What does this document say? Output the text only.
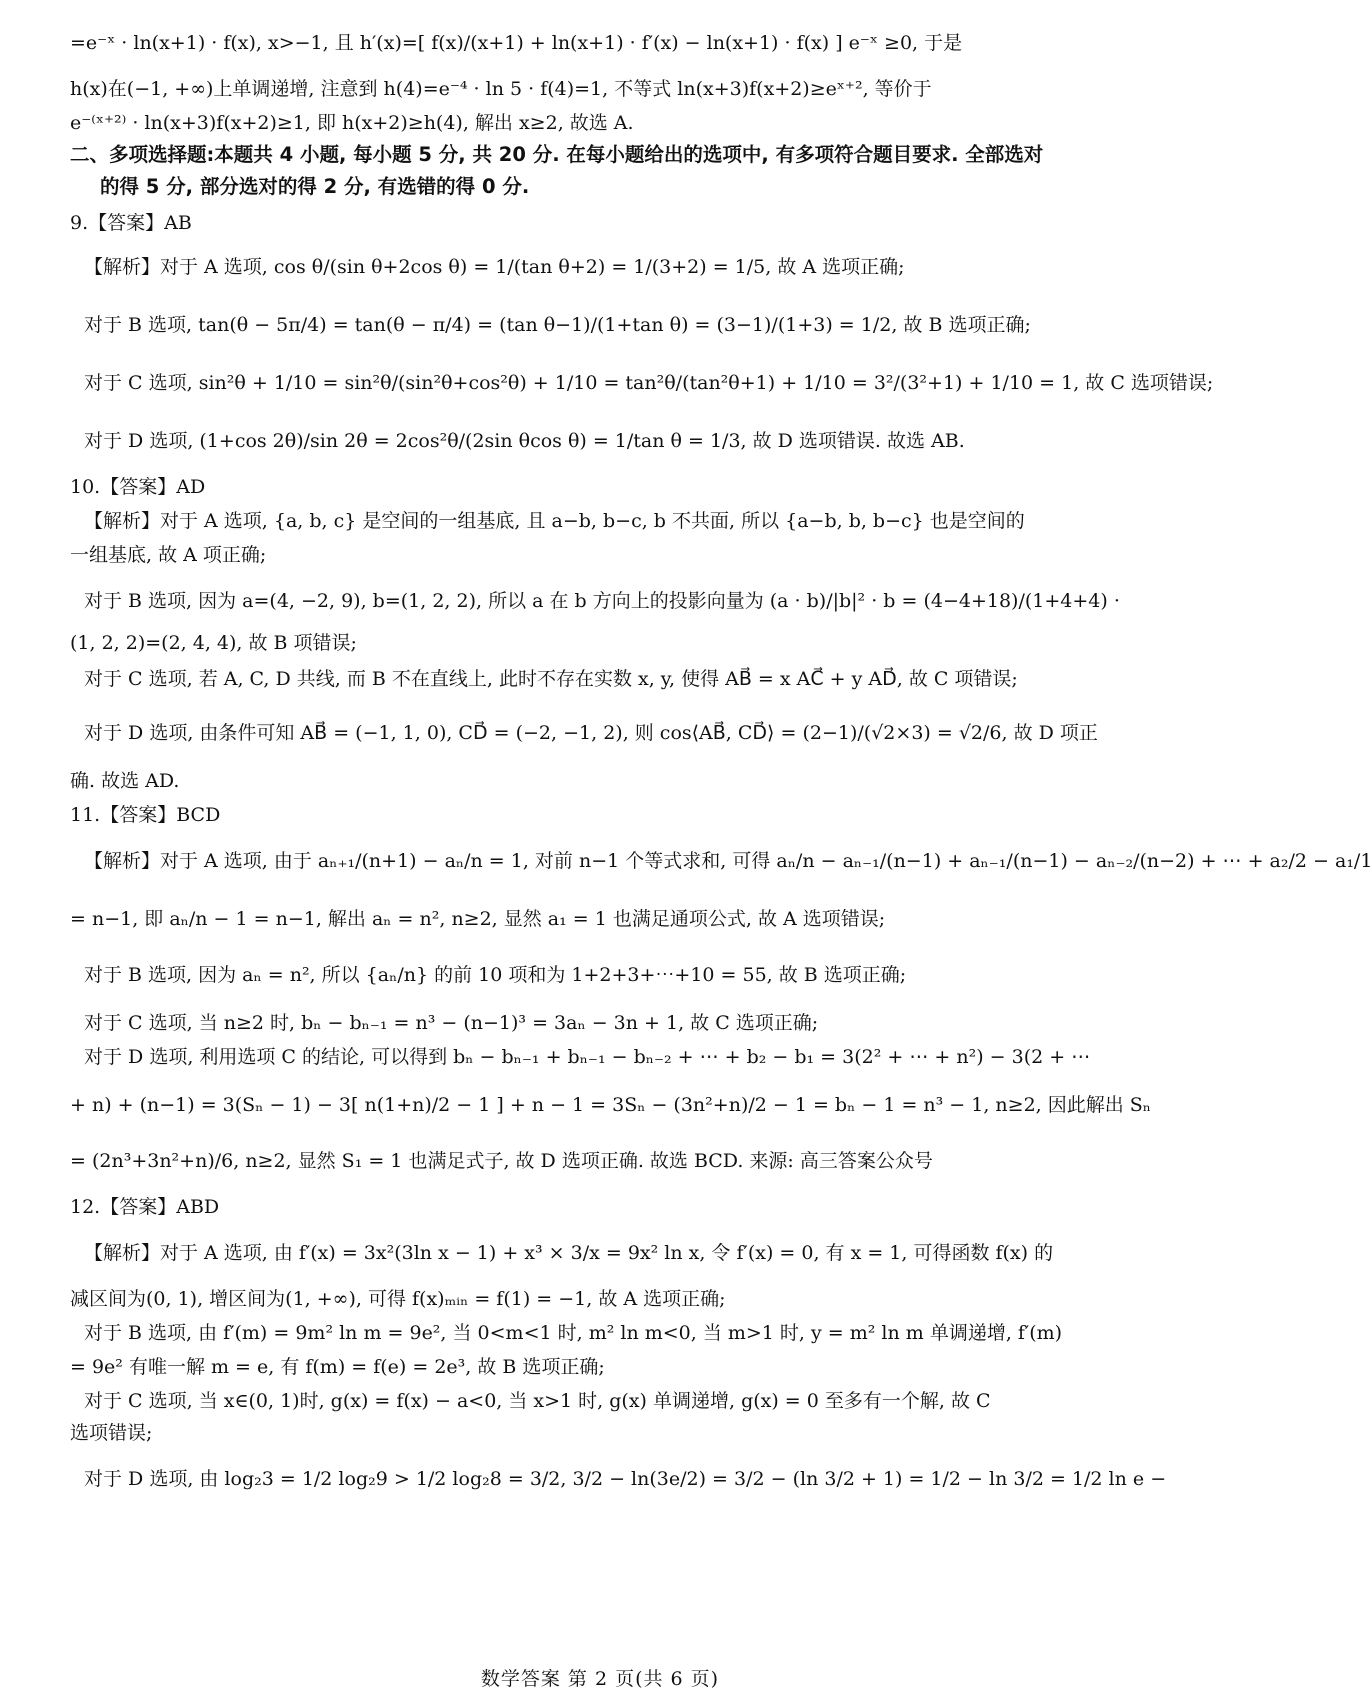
=e⁻ˣ · ln(x+1) · f(x), x>−1, 且 h′(x)=[ f(x)/(x+1) + ln(x+1) · f′(x) − ln(x+1) · f(x) ] e⁻ˣ ≥0, 于是
h(x)在(−1, +∞)上单调递增, 注意到 h(4)=e⁻⁴ · ln 5 · f(4)=1, 不等式 ln(x+3)f(x+2)≥eˣ⁺², 等价于
e⁻⁽ˣ⁺²⁾ · ln(x+3)f(x+2)≥1, 即 h(x+2)≥h(4), 解出 x≥2, 故选 A.
二、多项选择题:本题共 4 小题, 每小题 5 分, 共 20 分. 在每小题给出的选项中, 有多项符合题目要求. 全部选对
的得 5 分, 部分选对的得 2 分, 有选错的得 0 分.
9.【答案】AB
【解析】对于 A 选项, cos θ/(sin θ+2cos θ) = 1/(tan θ+2) = 1/(3+2) = 1/5, 故 A 选项正确;
对于 B 选项, tan(θ − 5π/4) = tan(θ − π/4) = (tan θ−1)/(1+tan θ) = (3−1)/(1+3) = 1/2, 故 B 选项正确;
对于 C 选项, sin²θ + 1/10 = sin²θ/(sin²θ+cos²θ) + 1/10 = tan²θ/(tan²θ+1) + 1/10 = 3²/(3²+1) + 1/10 = 1, 故 C 选项错误;
对于 D 选项, (1+cos 2θ)/sin 2θ = 2cos²θ/(2sin θcos θ) = 1/tan θ = 1/3, 故 D 选项错误. 故选 AB.
10.【答案】AD
【解析】对于 A 选项, {a, b, c} 是空间的一组基底, 且 a−b, b−c, b 不共面, 所以 {a−b, b, b−c} 也是空间的
一组基底, 故 A 项正确;
对于 B 选项, 因为 a=(4, −2, 9), b=(1, 2, 2), 所以 a 在 b 方向上的投影向量为 (a · b)/|b|² · b = (4−4+18)/(1+4+4) ·
(1, 2, 2)=(2, 4, 4), 故 B 项错误;
对于 C 选项, 若 A, C, D 共线, 而 B 不在直线上, 此时不存在实数 x, y, 使得 AB⃗ = x AC⃗ + y AD⃗, 故 C 项错误;
对于 D 选项, 由条件可知 AB⃗ = (−1, 1, 0), CD⃗ = (−2, −1, 2), 则 cos⟨AB⃗, CD⃗⟩ = (2−1)/(√2×3) = √2/6, 故 D 项正
确. 故选 AD.
11.【答案】BCD
【解析】对于 A 选项, 由于 aₙ₊₁/(n+1) − aₙ/n = 1, 对前 n−1 个等式求和, 可得 aₙ/n − aₙ₋₁/(n−1) + aₙ₋₁/(n−1) − aₙ₋₂/(n−2) + ⋯ + a₂/2 − a₁/1
= n−1, 即 aₙ/n − 1 = n−1, 解出 aₙ = n², n≥2, 显然 a₁ = 1 也满足通项公式, 故 A 选项错误;
对于 B 选项, 因为 aₙ = n², 所以 {aₙ/n} 的前 10 项和为 1+2+3+⋯+10 = 55, 故 B 选项正确;
对于 C 选项, 当 n≥2 时, bₙ − bₙ₋₁ = n³ − (n−1)³ = 3aₙ − 3n + 1, 故 C 选项正确;
对于 D 选项, 利用选项 C 的结论, 可以得到 bₙ − bₙ₋₁ + bₙ₋₁ − bₙ₋₂ + ⋯ + b₂ − b₁ = 3(2² + ⋯ + n²) − 3(2 + ⋯
+ n) + (n−1) = 3(Sₙ − 1) − 3[ n(1+n)/2 − 1 ] + n − 1 = 3Sₙ − (3n²+n)/2 − 1 = bₙ − 1 = n³ − 1, n≥2, 因此解出 Sₙ
= (2n³+3n²+n)/6, n≥2, 显然 S₁ = 1 也满足式子, 故 D 选项正确. 故选 BCD. 来源: 高三答案公众号
12.【答案】ABD
【解析】对于 A 选项, 由 f′(x) = 3x²(3ln x − 1) + x³ × 3/x = 9x² ln x, 令 f′(x) = 0, 有 x = 1, 可得函数 f(x) 的
减区间为(0, 1), 增区间为(1, +∞), 可得 f(x)ₘᵢₙ = f(1) = −1, 故 A 选项正确;
对于 B 选项, 由 f′(m) = 9m² ln m = 9e², 当 0<m<1 时, m² ln m<0, 当 m>1 时, y = m² ln m 单调递增, f′(m)
= 9e² 有唯一解 m = e, 有 f(m) = f(e) = 2e³, 故 B 选项正确;
对于 C 选项, 当 x∈(0, 1)时, g(x) = f(x) − a<0, 当 x>1 时, g(x) 单调递增, g(x) = 0 至多有一个解, 故 C
选项错误;
对于 D 选项, 由 log₂3 = 1/2 log₂9 > 1/2 log₂8 = 3/2, 3/2 − ln(3e/2) = 3/2 − (ln 3/2 + 1) = 1/2 − ln 3/2 = 1/2 ln e −
数学答案 第 2 页(共 6 页)
